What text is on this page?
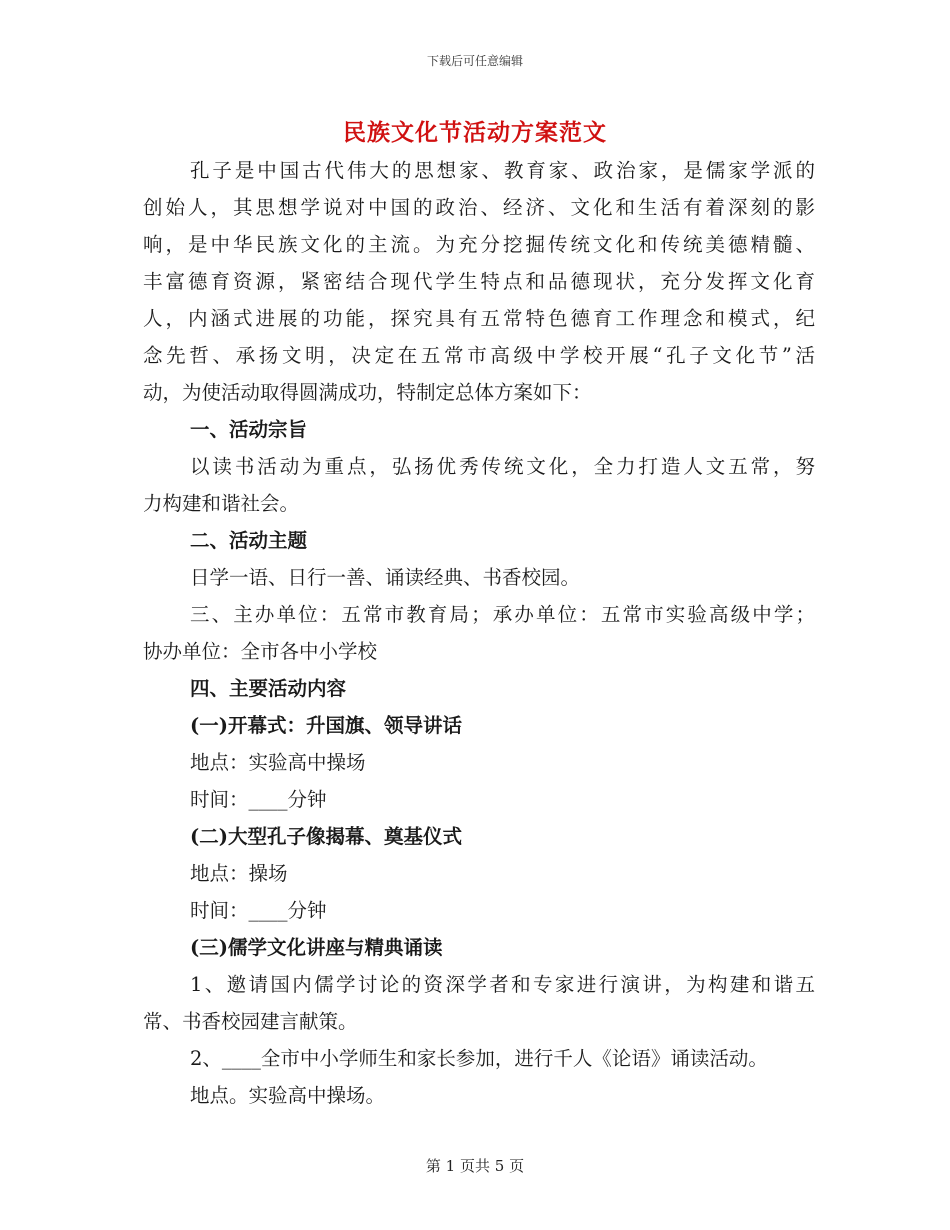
下载后可任意编辑
民族文化节活动方案范文
孔子是中国古代伟大的思想家、教育家、政治家，是儒家学派的
创始人，其思想学说对中国的政治、经济、文化和生活有着深刻的影
响，是中华民族文化的主流。为充分挖掘传统文化和传统美德精髓、
丰富德育资源，紧密结合现代学生特点和品德现状，充分发挥文化育
人，内涵式进展的功能，探究具有五常特色德育工作理念和模式，纪
念先哲、承扬文明，决定在五常市高级中学校开展“孔子文化节”活
动，为使活动取得圆满成功，特制定总体方案如下：
一、活动宗旨
以读书活动为重点，弘扬优秀传统文化，全力打造人文五常，努
力构建和谐社会。
二、活动主题
日学一语、日行一善、诵读经典、书香校园。
三、主办单位：五常市教育局；承办单位：五常市实验高级中学；
协办单位：全市各中小学校
四、主要活动内容
(一)开幕式：升国旗、领导讲话
地点：实验高中操场
时间：____分钟
(二)大型孔子像揭幕、奠基仪式
地点：操场
时间：____分钟
(三)儒学文化讲座与精典诵读
1、邀请国内儒学讨论的资深学者和专家进行演讲，为构建和谐五
常、书香校园建言献策。
2、____全市中小学师生和家长参加，进行千人《论语》诵读活动。
地点。实验高中操场。
第 1 页共 5 页
